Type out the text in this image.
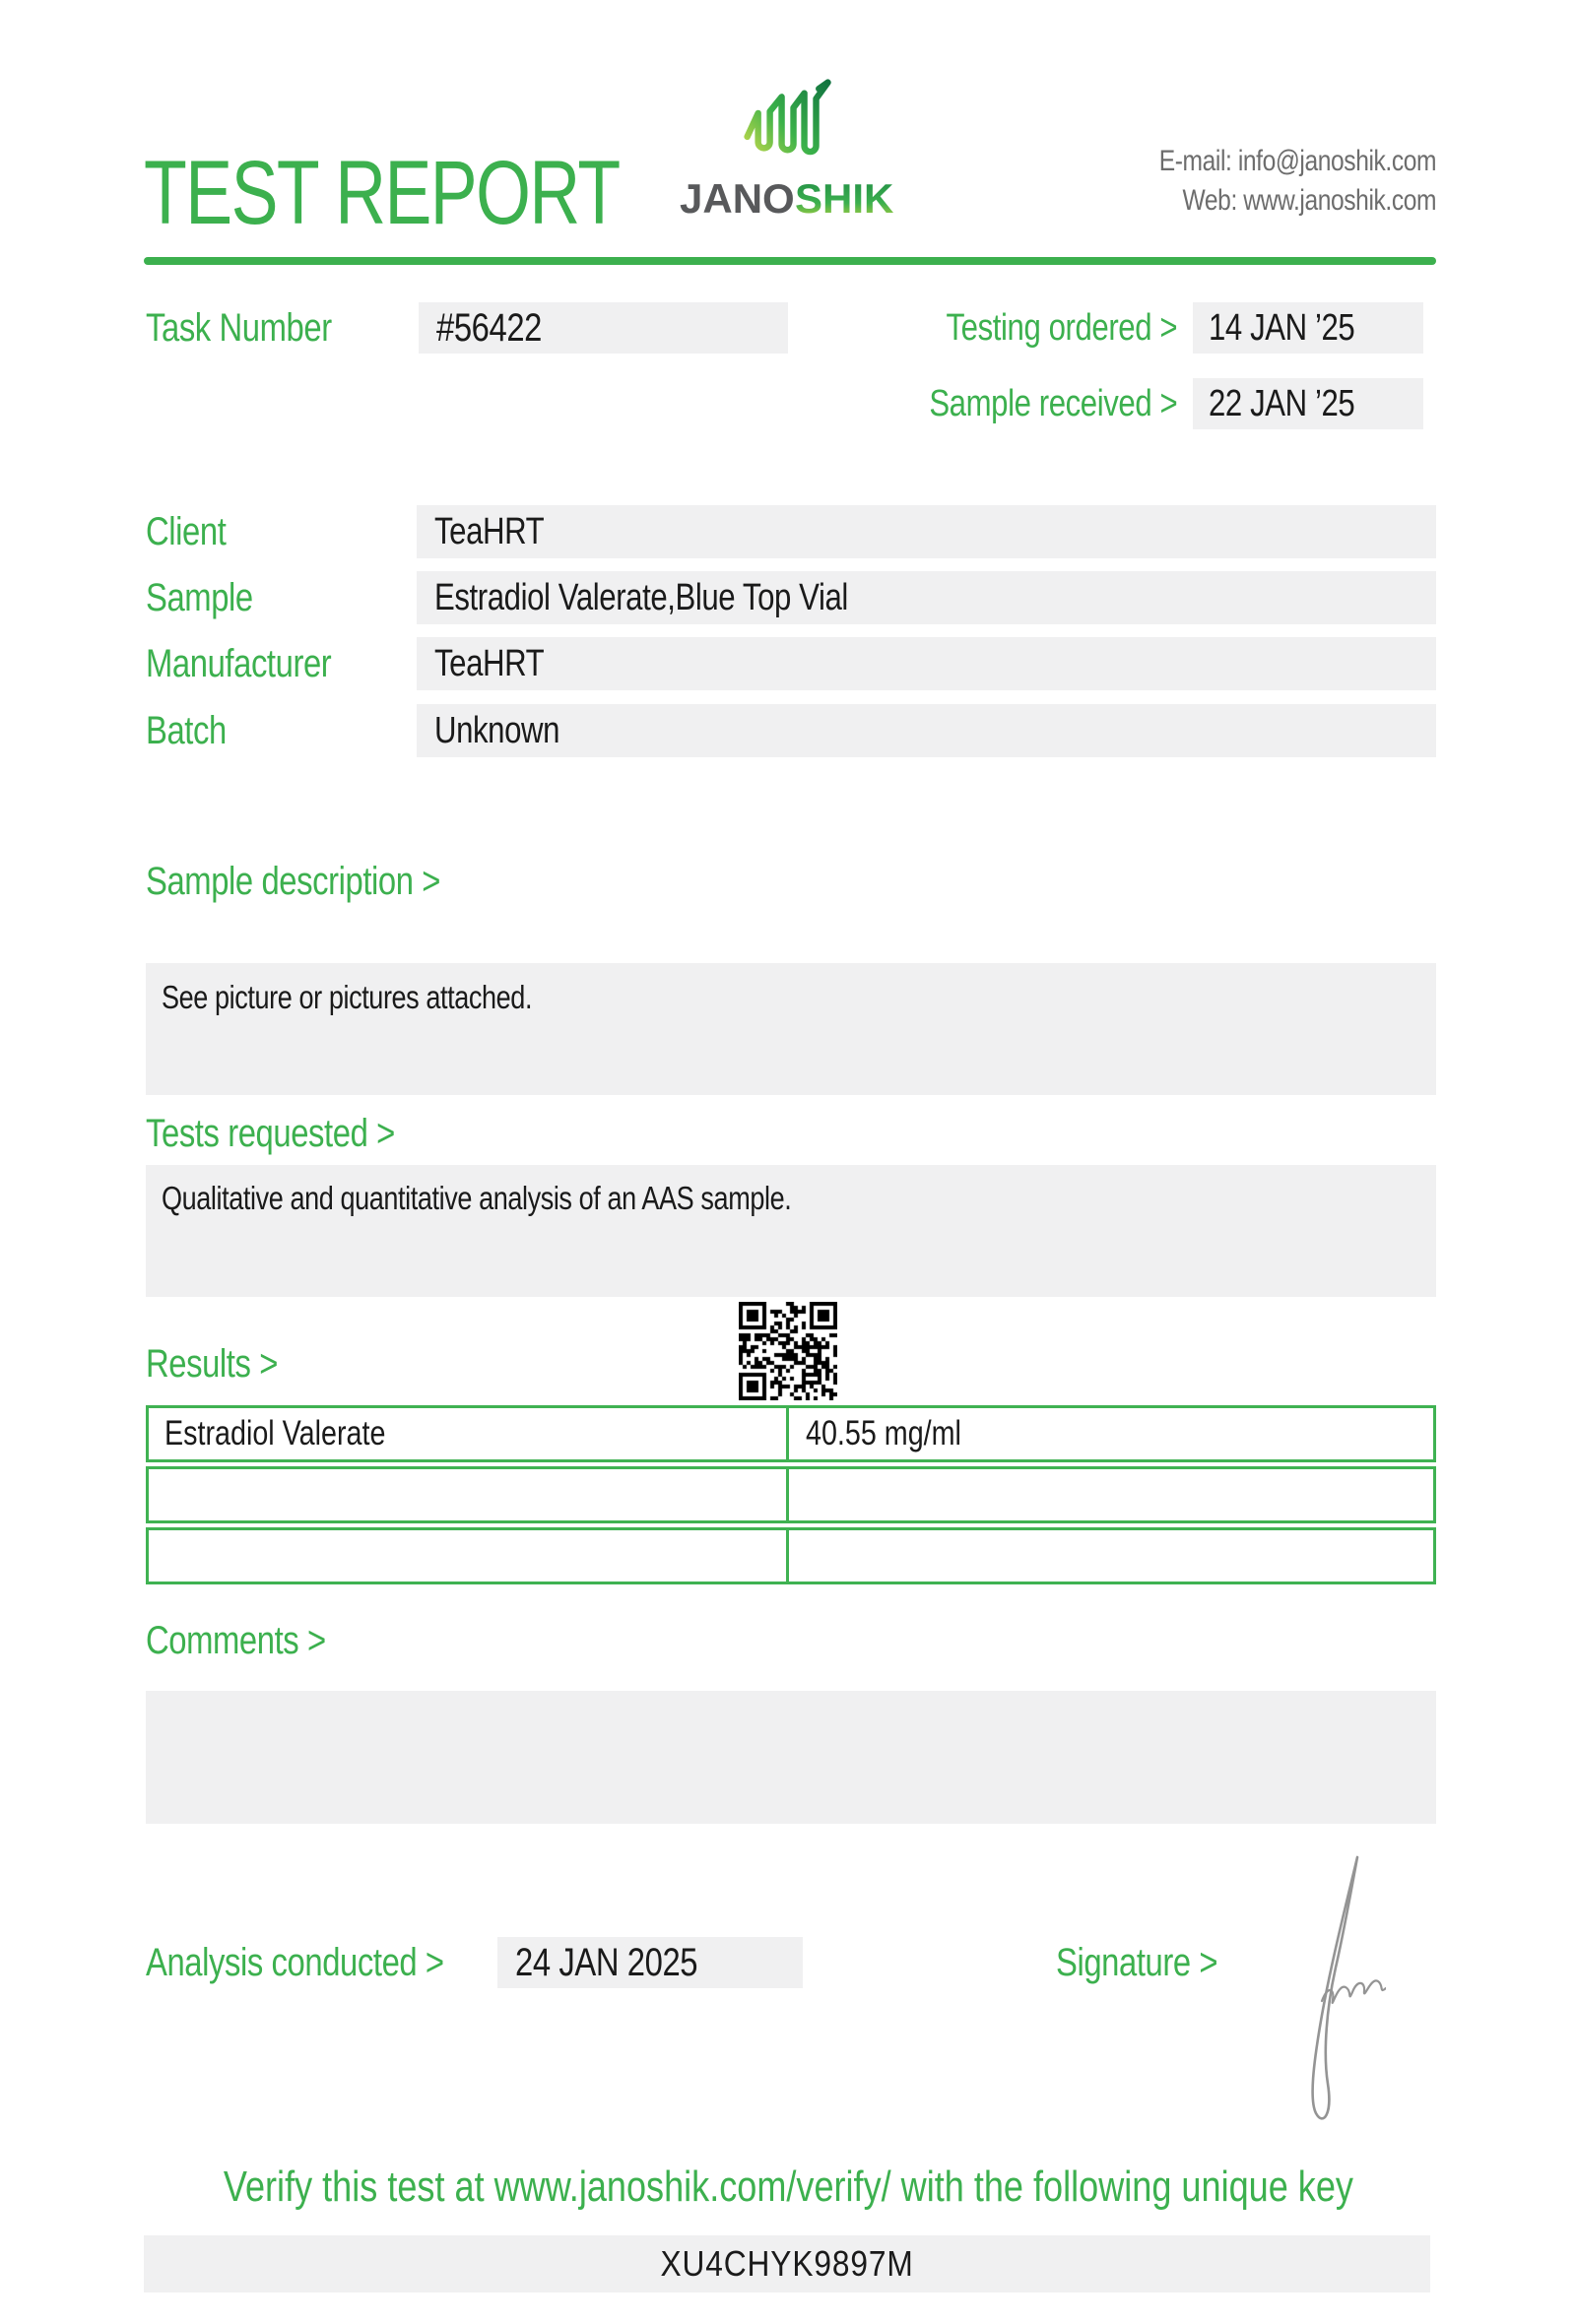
TEST REPORT JANO SHIK
E-mail: info@janoshik.com
Web: www.janoshik.com
Task Number	#56422	Testing ordered > 14 JAN ’25
Sample received > 22 JAN ’25
Client	TeaHRT
Sample	Estradiol Valerate,Blue Top Vial
Manufacturer	TeaHRT
Batch	Unknown
Sample description >
See picture or pictures attached.
Tests requested >
Qualitative and quantitative analysis of an AAS sample.
Results >
Estradiol Valerate	40.55 mg/ml
Comments >
Analysis conducted > 24 JAN 2025	Signature >
Verify this test at www.janoshik.com/verify/ with the following unique key
XU4CHYK9897M
